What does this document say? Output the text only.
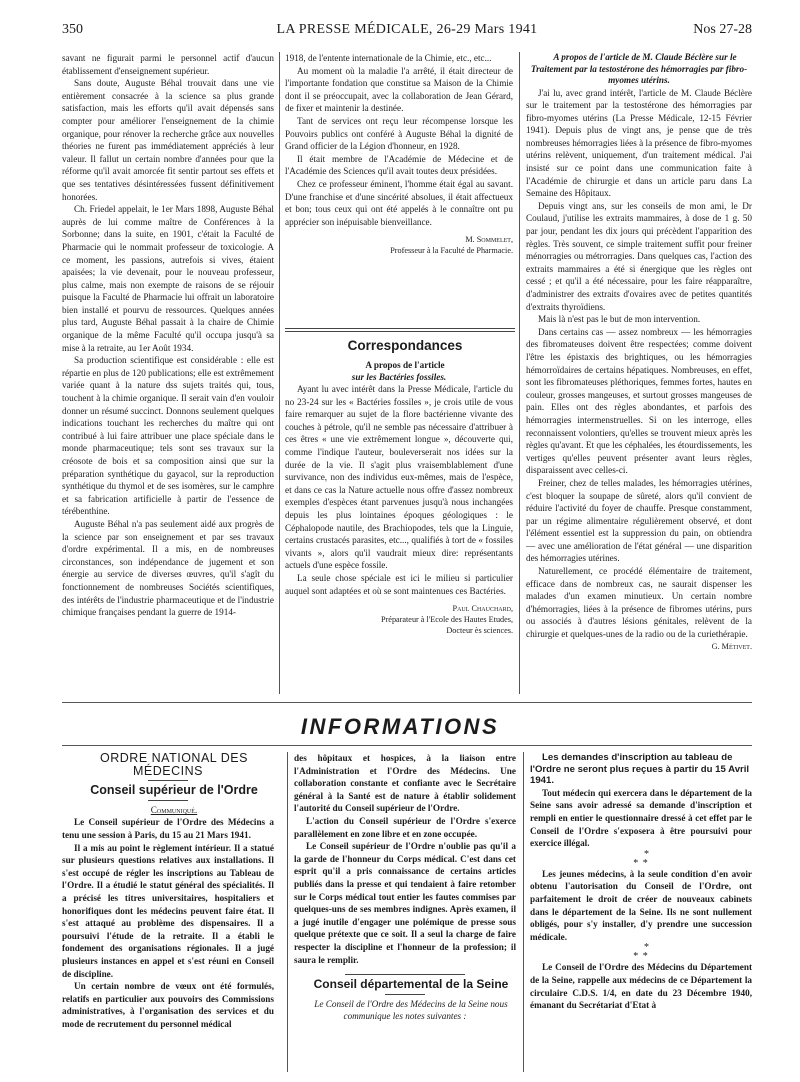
350	LA PRESSE MÉDICALE, 26-29 Mars 1941	Nos 27-28

savant ne figurait parmi le personnel actif d'aucun établissement d'enseignement supérieur.

Sans doute, Auguste Béhal trouvait dans une vie entièrement consacrée à la science sa plus grande satisfaction, mais les efforts qu'il avait dépensés sans compter pour améliorer l'enseignement de la chimie organique, pour rénover la recherche grâce aux nouvelles théories ne furent pas immédiatement appréciés à leur valeur. Il fallut un certain nombre d'années pour que la réforme qu'il avait amorcée fit sentir partout ses effets et que ses tentatives désintéressées fussent définitivement honorées.

Ch. Friedel appelait, le 1er Mars 1898, Auguste Béhal auprès de lui comme maître de Conférences à la Sorbonne; dans la suite, en 1901, c'était la Faculté de Pharmacie qui le nommait professeur de toxicologie. A ce moment, les passions, autrefois si vives, étaient apaisées; la vie devenait, pour le nouveau professeur, plus calme, mais non exempte de raisons de se réjouir puisque la Faculté de Pharmacie lui offrait un laboratoire bien installé et pourvu de ressources. Quelques années plus tard, Auguste Béhal passait à la chaire de Chimie organique de la même Faculté qu'il occupa jusqu'à sa mise à la retraite, au 1er Août 1934.

Sa production scientifique est considérable : elle est répartie en plus de 120 publications; elle est extrêmement variée quant à la nature dss sujets traités qui, tous, touchent à la chimie organique. Il serait vain d'en vouloir donner un résumé succinct. Donnons seulement quelques indications touchant les recherches du maître qui ont contribué à lui faire attribuer une place spéciale dans le monde pharmaceutique; tels sont ses travaux sur la créosote de bois et sa composition ainsi que sur la préparation synthétique du gayacol, sur la reproduction synthétique du thymol et de ses isomères, sur le camphre et sa fabrication artificielle à partir de l'essence de térébenthine.

Auguste Béhal n'a pas seulement aidé aux progrès de la science par son enseignement et par ses travaux d'ordre expérimental. Il a mis, en de nombreuses circonstances, son indépendance de jugement et son énergie au service de diverses œuvres, qu'il s'agît du fonctionnement de nombreuses Sociétés scientifiques, des intérêts de l'industrie pharmaceutique et de l'industrie chimique françaises pendant la guerre de 1914-

1918, de l'entente internationale de la Chimie, etc., etc...

Au moment où la maladie l'a arrêté, il était directeur de l'importante fondation que constitue sa Maison de la Chimie dont il se préoccupait, avec la collaboration de Jean Gérard, de fixer et maintenir la destinée.

Tant de services ont reçu leur récompense lorsque les Pouvoirs publics ont conféré à Auguste Béhal la dignité de Grand officier de la Légion d'honneur, en 1928.

Il était membre de l'Académie de Médecine et de l'Académie des Sciences qu'il avait toutes deux présidées.

Chez ce professeur éminent, l'homme était égal au savant. D'une franchise et d'une sincérité absolues, il était affectueux et bon; tous ceux qui ont été appelés à le connaître ont pu apprécier son inépuisable bienveillance.

M. Sommelet,

Professeur à la Faculté de Pharmacie.

Correspondances

A propos de l'article
sur les Bactéries fossiles.

Ayant lu avec intérêt dans la Presse Médicale, l'article du no 23-24 sur les « Bactéries fossiles », je crois utile de vous faire remarquer au sujet de la flore bactérienne vivante des couches à pétrole, qu'il ne semble pas nécessaire d'attribuer à ces êtres « une vie extrêmement longue », découverte qui, comme l'indique l'auteur, bouleverserait nos idées sur la durée de la vie. Il s'agit plus vraisemblablement d'une survivance, non des individus eux-mêmes, mais de l'espèce, et dans ce cas la Nature actuelle nous offre d'assez nombreux exemples d'espèces étant parvenues jusqu'à nous inchangées depuis les plus lointaines époques géologiques : le Céphalopode nautile, des Brachiopodes, tels que la Linguie, certains crustacés parasites, etc..., qualifiés à tort de « fossiles vivants », alors qu'il vaudrait mieux dire: représentants actuels d'une espèce fossile.

La seule chose spéciale est ici le milieu si particulier auquel sont adaptées et où se sont maintenues ces Bactéries.

Paul Chauchard,

Préparateur à l'Ecole des Hautes Etudes,

Docteur ès sciences.

A propos de l'article de M. Claude Béclère sur le Traitement par la testostérone des hémorragies par fibro-myomes utérins.

J'ai lu, avec grand intérêt, l'article de M. Claude Béclère sur le traitement par la testostérone des hémorragies par fibro-myomes utérins (La Presse Médicale, 12-15 Février 1941). Depuis plus de vingt ans, je pense que de très nombreuses hémorragies liées à la présence de fibro-myomes utérins relèvent, uniquement, d'un traitement médical. J'ai insisté sur ce point dans une communication faite à l'Académie de chirurgie et dans un article paru dans La Semaine des Hôpitaux.

Depuis vingt ans, sur les conseils de mon ami, le Dr Coulaud, j'utilise les extraits mammaires, à dose de 1 g. 50 par jour, pendant les dix jours qui précèdent l'apparition des règles. Très souvent, ce simple traitement suffit pour freiner ménorragies ou métrorragies. Dans quelques cas, l'action des extraits mammaires a été si énergique que les règles ont cessé ; et qu'il a été nécessaire, pour les faire réapparaître, d'administrer des extraits d'ovaires avec de petites quantités d'extraits thyroïdiens.

Mais là n'est pas le but de mon intervention.

Dans certains cas — assez nombreux — les hémorragies des fibromateuses doivent être respectées; comme doivent l'être les épistaxis des brightiques, ou les hémorragies hémorroïdaires de certains hépatiques. Nombreuses, en effet, sont les fibromateuses pléthoriques, femmes fortes, hautes en couleur, grosses mangeuses, et surtout grosses mangeuses de pain. Elles ont des règles abondantes, et parfois des hémorragies intermenstruelles. Si on les interroge, elles reconnaissent volontiers, qu'elles se trouvent mieux après les règles qu'avant. Et que les céphalées, les étourdissements, les vertiges qu'elles peuvent présenter avant leurs règles, disparaissent avec celles-ci.

Freiner, chez de telles malades, les hémorragies utérines, c'est bloquer la soupape de sûreté, alors qu'il convient de réduire l'activité du foyer de chauffe. Presque constamment, par un régime alimentaire régulièrement observé, et dont l'élément essentiel est la suppression du pain, on obtiendra — avec une amélioration de l'état général — une disparition des hémorragies utérines.

Naturellement, ce procédé élémentaire de traitement, efficace dans de nombreux cas, ne saurait dispenser les malades d'un examen minutieux. Un certain nombre d'hémorragies, liées à la présence de fibromes utérins, purs ou associés à d'autres lésions génitales, relèvent de la chirurgie et quelques-unes de la radio ou de la curiethérapie.

G. Métivet.

INFORMATIONS

ORDRE NATIONAL DES MÉDECINS

Conseil supérieur de l'Ordre

Communiqué.

Le Conseil supérieur de l'Ordre des Médecins a tenu une session à Paris, du 15 au 21 Mars 1941.

Il a mis au point le règlement intérieur. Il a statué sur plusieurs questions relatives aux installations. Il s'est occupé de régler les inscriptions au Tableau de l'Ordre. Il a étudié le statut général des spécialités. Il a précisé les titres universitaires, hospitaliers et honorifiques dont les médecins peuvent faire état. Il s'est attaqué au problème des dispensaires. Il a poursuivi l'étude de la retraite. Il a établi le fondement des organisations régionales. Il a jugé plusieurs instances en appel et s'est réuni en Conseil de discipline.

Un certain nombre de vœux ont été formulés, relatifs en particulier aux pouvoirs des Commissions administratives, à l'organisation des services et du mode de recrutement du personnel médical

des hôpitaux et hospices, à la liaison entre l'Administration et l'Ordre des Médecins. Une collaboration constante et confiante avec le Secrétaire général à la Santé est de nature à établir solidement l'autorité du Conseil supérieur de l'Ordre.

L'action du Conseil supérieur de l'Ordre s'exerce parallèlement en zone libre et en zone occupée.

Le Conseil supérieur de l'Ordre n'oublie pas qu'il a la garde de l'honneur du Corps médical. C'est dans cet esprit qu'il a pris connaissance de certains articles publiés dans la presse et qui tendaient à faire retomber sur le Corps médical tout entier les fautes commises par quelques-uns de ses membres indignes. Après examen, il a jugé inutile d'engager une polémique de presse sous quelque prétexte que ce soit. Il a seul la charge de faire respecter la discipline et l'honneur de la profession; il saura le remplir.

Conseil départemental de la Seine

Le Conseil de l'Ordre des Médecins de la Seine nous communique les notes suivantes :

Les demandes d'inscription au tableau de l'Ordre ne seront plus reçues à partir du 15 Avril 1941.

Tout médecin qui exercera dans le département de la Seine sans avoir adressé sa demande d'inscription et rempli en entier le questionnaire dressé à cet effet par le Conseil de l'Ordre s'exposera à être poursuivi pour exercice illégal.

*
* *

Les jeunes médecins, à la seule condition d'en avoir obtenu l'autorisation du Conseil de l'Ordre, ont parfaitement le droit de créer de nouveaux cabinets dans le département de la Seine. Ils ne sont nullement obligés, pour s'y installer, d'y prendre une succession médicale.

*
* *

Le Conseil de l'Ordre des Médecins du Département de la Seine, rappelle aux médecins de ce Département la circulaire C.D.S. 1/4, en date du 23 Décembre 1940, émanant du Secrétariat d'Etat à
